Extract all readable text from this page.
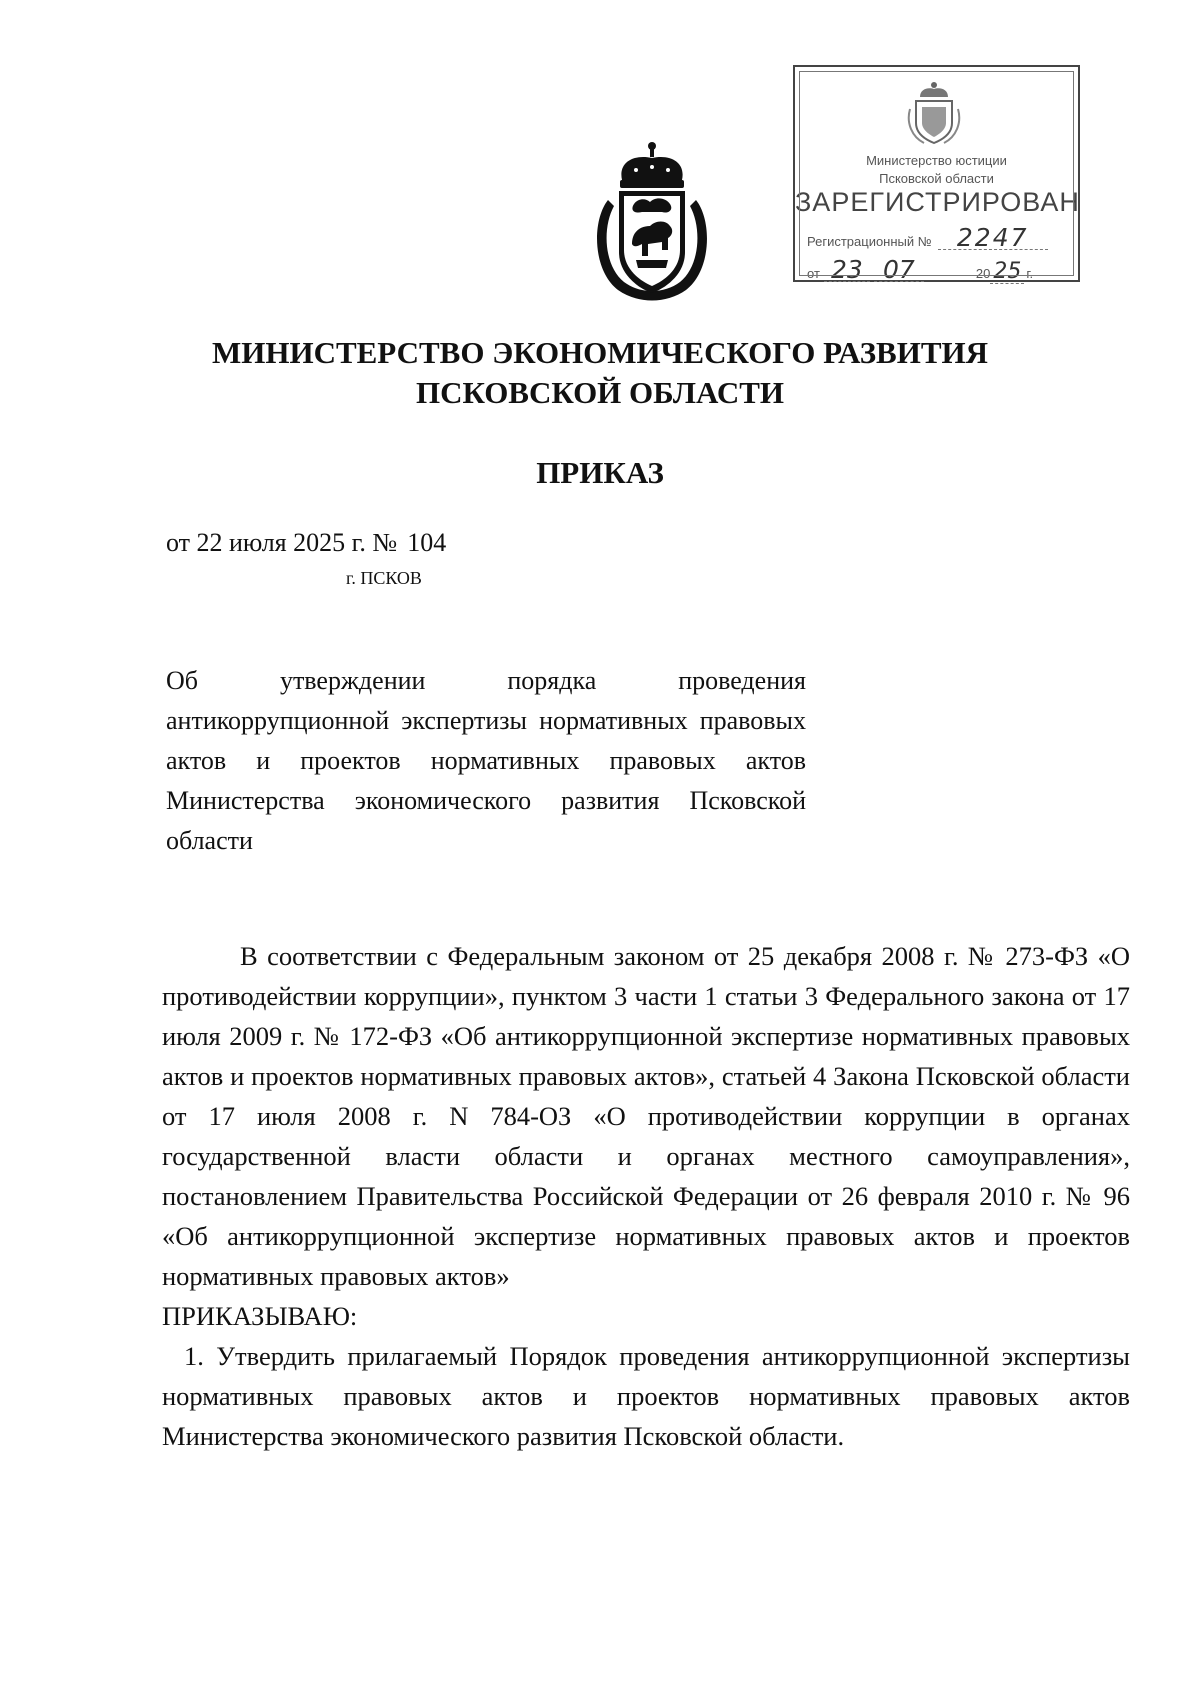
Министерство юстиции
Псковской области
ЗАРЕГИСТРИРОВАН
Регистрационный № 2247
от 23 07	20 25 г.
МИНИСТЕРСТВО ЭКОНОМИЧЕСКОГО РАЗВИТИЯ
ПСКОВСКОЙ ОБЛАСТИ
ПРИКАЗ
от 22 июля 2025 г. № 104
г. ПСКОВ
Об утверждении порядка проведения антикоррупционной экспертизы нормативных правовых актов и проектов нормативных правовых актов Министерства экономического развития Псковской области

В соответствии с Федеральным законом от 25 декабря 2008 г. № 273-ФЗ «О противодействии коррупции», пунктом 3 части 1 статьи 3 Федерального закона от 17 июля 2009 г. № 172-ФЗ «Об антикоррупционной экспертизе нормативных правовых актов и проектов нормативных правовых актов», статьей 4 Закона Псковской области от 17 июля 2008 г. N 784-ОЗ «О противодействии коррупции в органах государственной власти области и органах местного самоуправления», постановлением Правительства Российской Федерации от 26 февраля 2010 г. № 96 «Об антикоррупционной экспертизе нормативных правовых актов и проектов нормативных правовых актов»

ПРИКАЗЫВАЮ:

1. Утвердить прилагаемый Порядок проведения антикоррупционной экспертизы нормативных правовых актов и проектов нормативных правовых актов Министерства экономического развития Псковской области.
